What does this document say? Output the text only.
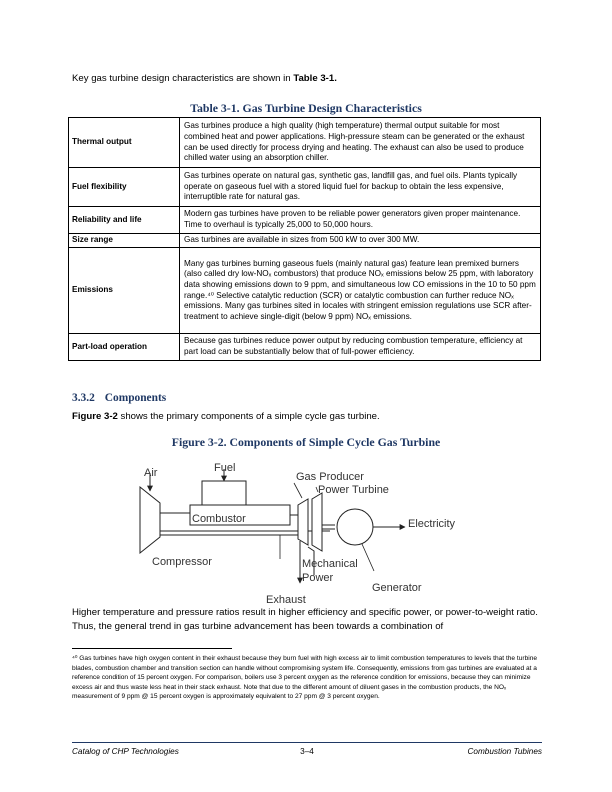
Key gas turbine design characteristics are shown in Table 3-1.
Table 3-1. Gas Turbine Design Characteristics
Thermal output	Gas turbines produce a high quality (high temperature) thermal output suitable for most combined heat and power applications. High-pressure steam can be generated or the exhaust can be used directly for process drying and heating. The exhaust can also be used to produce chilled water using an absorption chiller.
Fuel flexibility	Gas turbines operate on natural gas, synthetic gas, landfill gas, and fuel oils. Plants typically operate on gaseous fuel with a stored liquid fuel for backup to obtain the less expensive, interruptible rate for natural gas.
Reliability and life	Modern gas turbines have proven to be reliable power generators given proper maintenance. Time to overhaul is typically 25,000 to 50,000 hours.
Size range	Gas turbines are available in sizes from 500 kW to over 300 MW.
Emissions	Many gas turbines burning gaseous fuels (mainly natural gas) feature lean premixed burners (also called dry low-NOₓ combustors) that produce NOₓ emissions below 25 ppm, with laboratory data showing emissions down to 9 ppm, and simultaneous low CO emissions in the 10 to 50 ppm range.⁴⁰ Selective catalytic reduction (SCR) or catalytic combustion can further reduce NOₓ emissions. Many gas turbines sited in locales with stringent emission regulations use SCR after-treatment to achieve single-digit (below 9 ppm) NOₓ emissions.
Part-load operation	Because gas turbines reduce power output by reducing combustion temperature, efficiency at part load can be substantially below that of full-power efficiency.
3.3.2 Components
Figure 3-2 shows the primary components of a simple cycle gas turbine.
Figure 3-2. Components of Simple Cycle Gas Turbine
Air	Fuel
Gas Producer
Power Turbine
Combustor	Electricity
Compressor	Mechanical
Power
Generator
Exhaust
Higher temperature and pressure ratios result in higher efficiency and specific power, or power-to-weight ratio. Thus, the general trend in gas turbine advancement has been towards a combination of
⁴⁰ Gas turbines have high oxygen content in their exhaust because they burn fuel with high excess air to limit combustion temperatures to levels that the turbine blades, combustion chamber and transition section can handle without compromising system life. Consequently, emissions from gas turbines are evaluated at a reference condition of 15 percent oxygen. For comparison, boilers use 3 percent oxygen as the reference condition for emissions, because they can minimize excess air and thus waste less heat in their stack exhaust. Note that due to the different amount of diluent gases in the combustion products, the NOₓ measurement of 9 ppm @ 15 percent oxygen is approximately equivalent to 27 ppm @ 3 percent oxygen.
Catalog of CHP Technologies	3–4	Combustion Tubines
